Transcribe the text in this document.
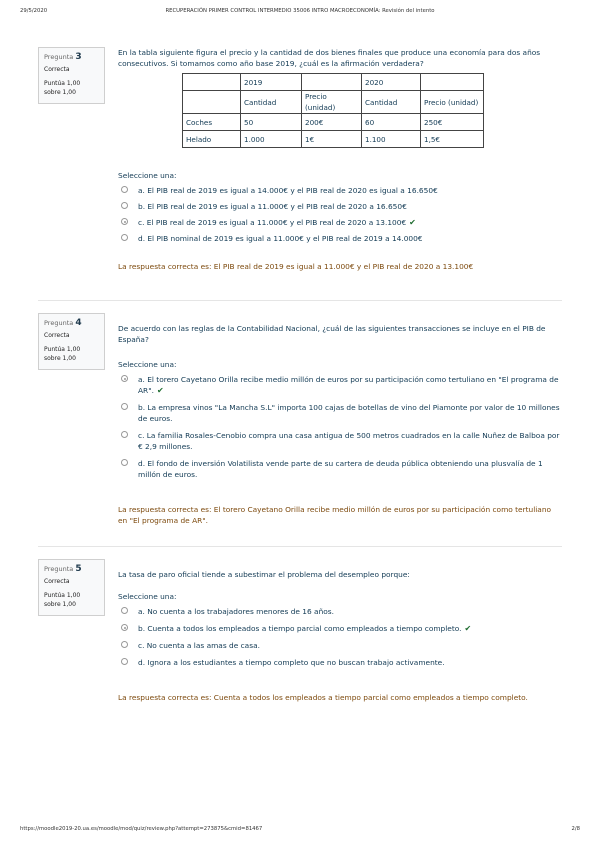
29/5/2020	RECUPERACIÓN PRIMER CONTROL INTERMEDIO 35006 INTRO MACROECONOMÍA: Revisión del intento
Pregunta 3
Correcta
Puntúa 1,00
sobre 1,00

En la tabla siguiente figura el precio y la cantidad de dos bienes finales que produce una economía para dos años consecutivos. Si tomamos como año base 2019, ¿cuál es la afirmación verdadera?

	2019		2020	
	Cantidad	Precio (unidad)	Cantidad	Precio (unidad)
Coches	50	200€	60	250€
Helado	1.000	1€	1.100	1,5€
Seleccione una:
a. El PIB real de 2019 es igual a 14.000€ y el PIB real de 2020 es igual a 16.650€
b. El PIB real de 2019 es igual a 11.000€ y el PIB real de 2020 a 16.650€
c. El PIB real de 2019 es igual a 11.000€ y el PIB real de 2020 a 13.100€ ✔
d. El PIB nominal de 2019 es igual a 11.000€ y el PIB real de 2019 a 14.000€
La respuesta correcta es: El PIB real de 2019 es igual a 11.000€ y el PIB real de 2020 a 13.100€
Pregunta 4
Correcta
Puntúa 1,00
sobre 1,00

De acuerdo con las reglas de la Contabilidad Nacional, ¿cuál de las siguientes transacciones se incluye en el PIB de España?

Seleccione una:
a. El torero Cayetano Orilla recibe medio millón de euros por su participación como tertuliano en "El programa de AR". ✔
b. La empresa vinos "La Mancha S.L" importa 100 cajas de botellas de vino del Piamonte por valor de 10 millones de euros.
c. La familia Rosales-Cenobio compra una casa antigua de 500 metros cuadrados en la calle Nuñez de Balboa por € 2,9 millones.
d. El fondo de inversión Volatilista vende parte de su cartera de deuda pública obteniendo una plusvalía de 1 millón de euros.
La respuesta correcta es: El torero Cayetano Orilla recibe medio millón de euros por su participación como tertuliano en "El programa de AR".
Pregunta 5
Correcta
Puntúa 1,00
sobre 1,00

La tasa de paro oficial tiende a subestimar el problema del desempleo porque:

Seleccione una:
a. No cuenta a los trabajadores menores de 16 años.
b. Cuenta a todos los empleados a tiempo parcial como empleados a tiempo completo. ✔
c. No cuenta a las amas de casa.
d. Ignora a los estudiantes a tiempo completo que no buscan trabajo activamente.
La respuesta correcta es: Cuenta a todos los empleados a tiempo parcial como empleados a tiempo completo.
https://moodle2019-20.ua.es/moodle/mod/quiz/review.php?attempt=273875&cmid=81467	2/8
